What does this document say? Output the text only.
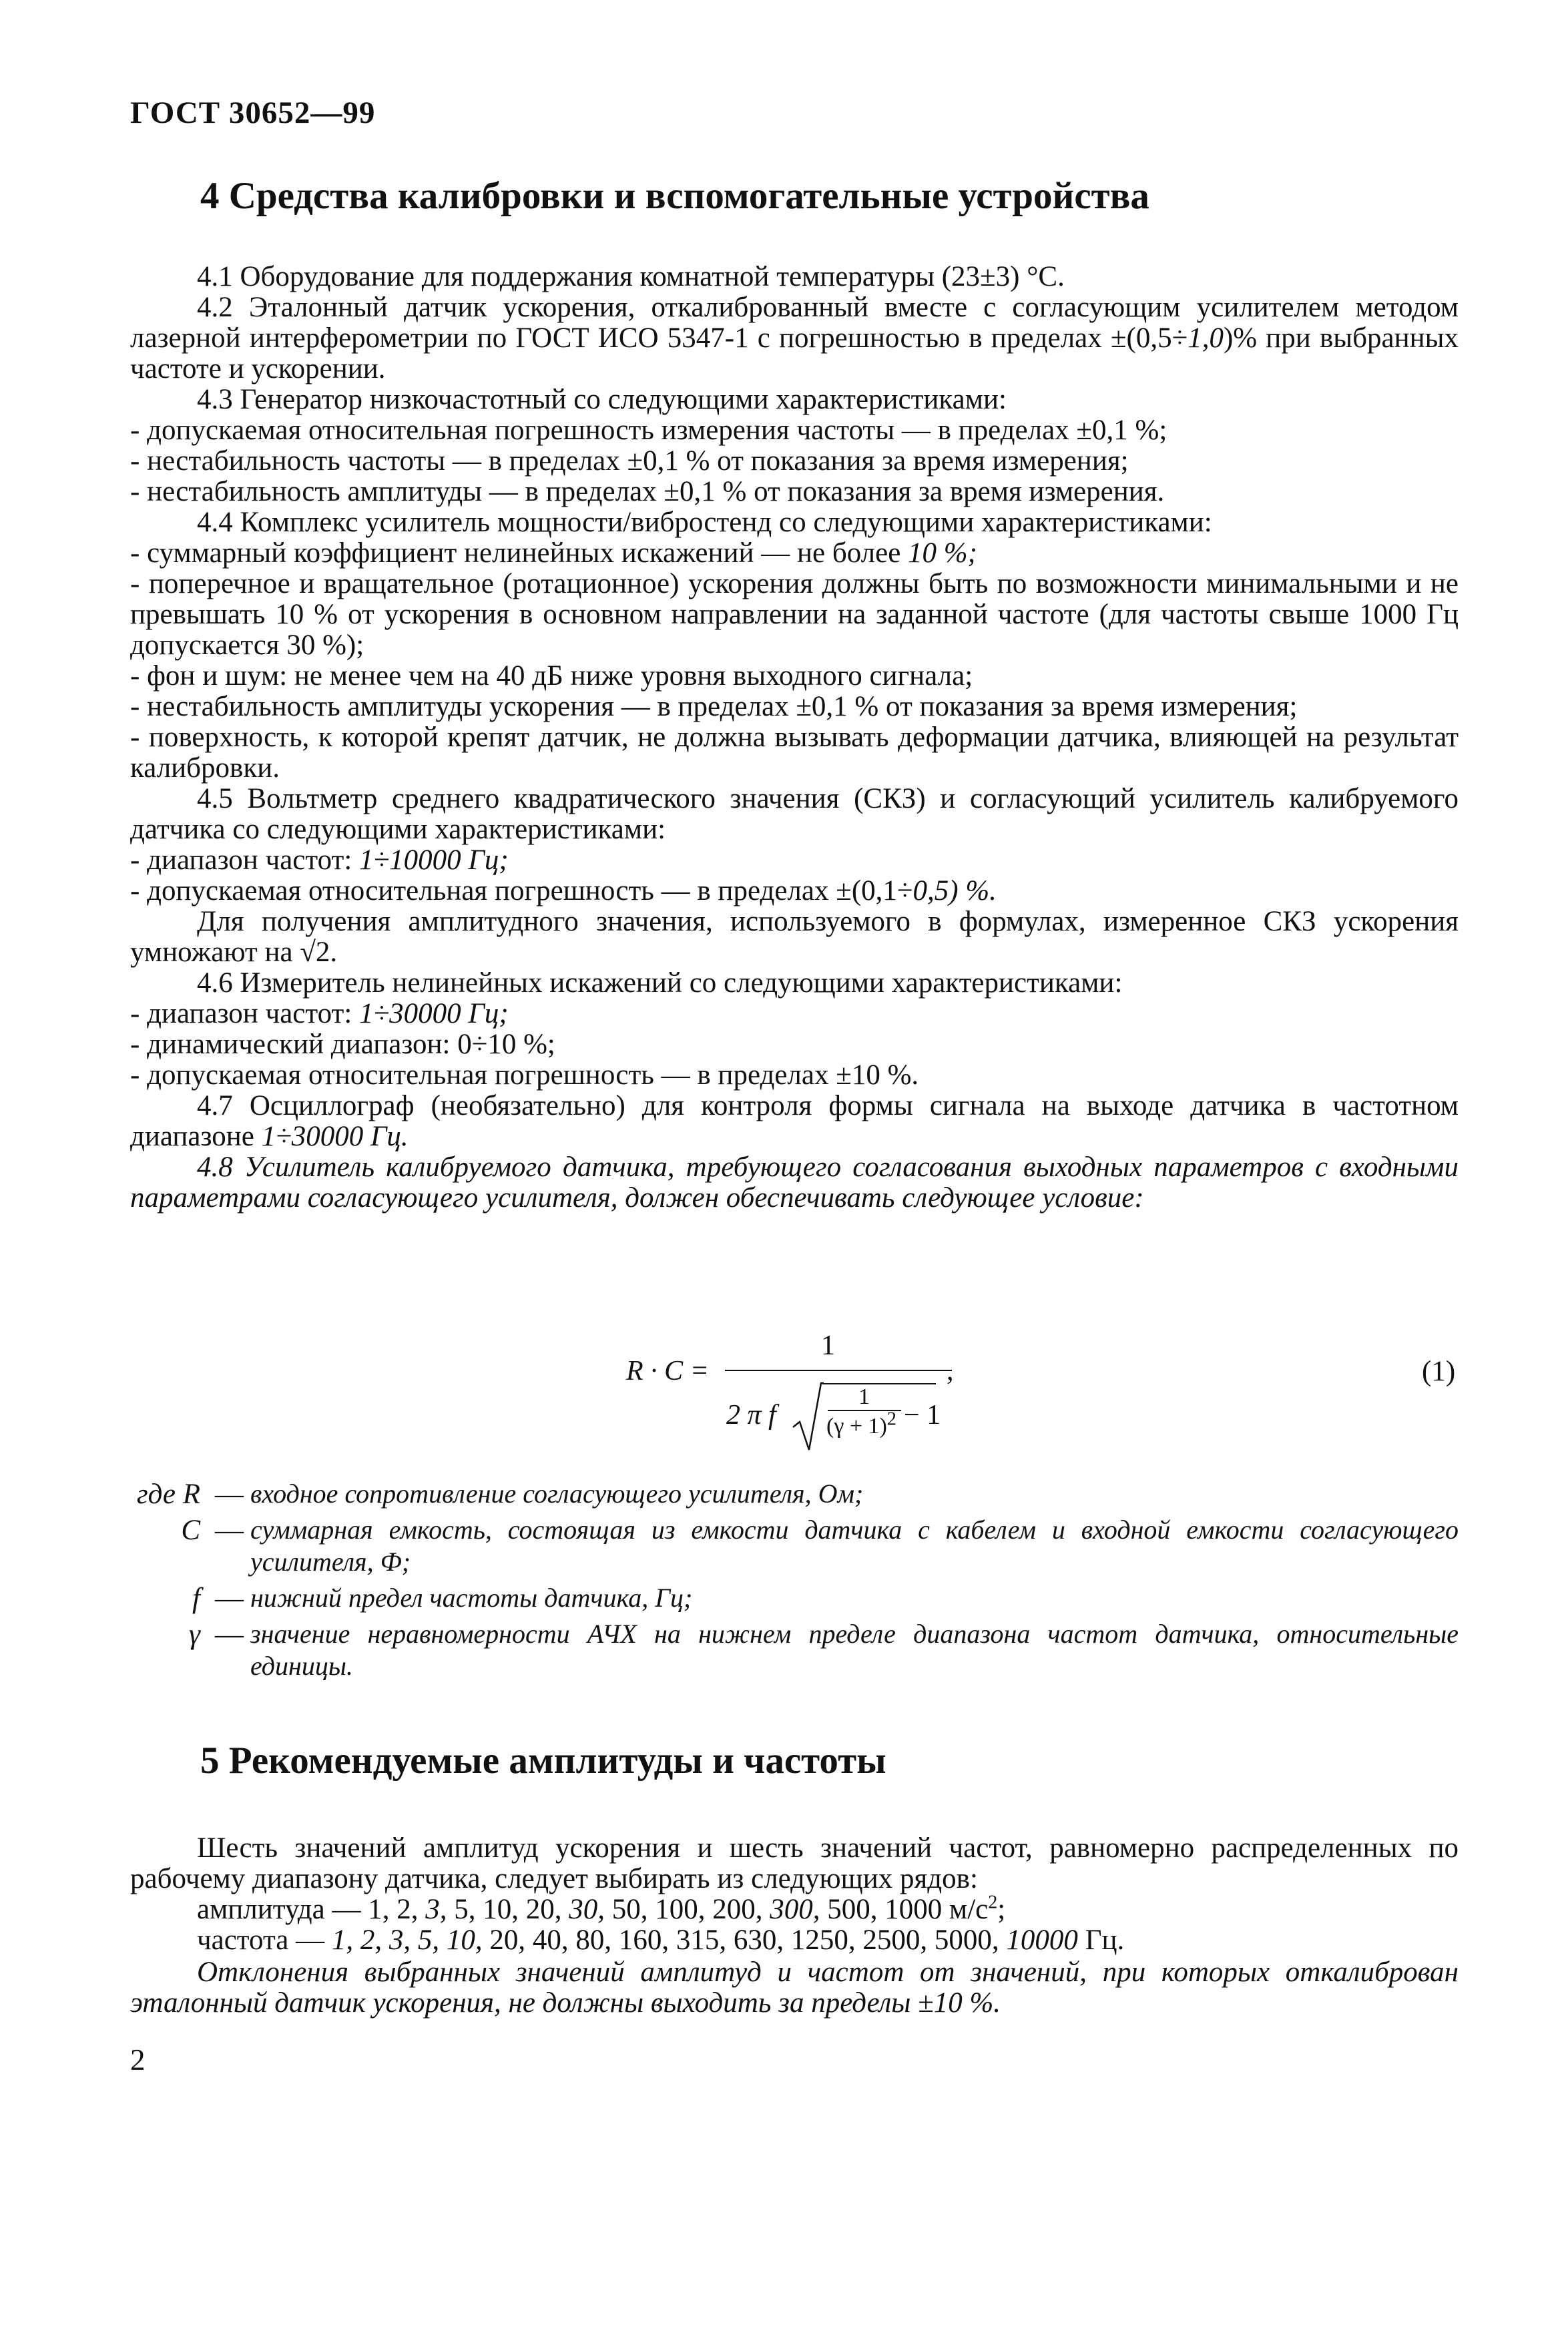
ГОСТ 30652—99
4 Средства калибровки и вспомогательные устройства
4.1 Оборудование для поддержания комнатной температуры (23±3) °С.
4.2 Эталонный датчик ускорения, откалиброванный вместе с согласующим усилителем методом лазерной интерферометрии по ГОСТ ИСО 5347-1 с погрешностью в пределах ±(0,5÷1,0)% при выбранных частоте и ускорении.
4.3 Генератор низкочастотный со следующими характеристиками:
- допускаемая относительная погрешность измерения частоты — в пределах ±0,1 %;
- нестабильность частоты — в пределах ±0,1 % от показания за время измерения;
- нестабильность амплитуды — в пределах ±0,1 % от показания за время измерения.
4.4 Комплекс усилитель мощности/вибростенд со следующими характеристиками:
- суммарный коэффициент нелинейных искажений — не более 10 %;
- поперечное и вращательное (ротационное) ускорения должны быть по возможности минимальными и не превышать 10 % от ускорения в основном направлении на заданной частоте (для частоты свыше 1000 Гц допускается 30 %);
- фон и шум: не менее чем на 40 дБ ниже уровня выходного сигнала;
- нестабильность амплитуды ускорения — в пределах ±0,1 % от показания за время измерения;
- поверхность, к которой крепят датчик, не должна вызывать деформации датчика, влияющей на результат калибровки.
4.5 Вольтметр среднего квадратического значения (СКЗ) и согласующий усилитель калибруемого датчика со следующими характеристиками:
- диапазон частот: 1÷10000 Гц;
- допускаемая относительная погрешность — в пределах ±(0,1÷0,5) %.
Для получения амплитудного значения, используемого в формулах, измеренное СКЗ ускорения умножают на √2.
4.6 Измеритель нелинейных искажений со следующими характеристиками:
- диапазон частот: 1÷30000 Гц;
- динамический диапазон: 0÷10 %;
- допускаемая относительная погрешность — в пределах ±10 %.
4.7 Осциллограф (необязательно) для контроля формы сигнала на выходе датчика в частотном диапазоне 1÷30000 Гц.
4.8 Усилитель калибруемого датчика, требующего согласования выходных параметров с входными параметрами согласующего усилителя, должен обеспечивать следующее условие:
R · C =
1
,
2 π f
1
$(\gamma + 1)^2 - 1$
(1)
где R — входное сопротивление согласующего усилителя, Ом;
C — суммарная емкость, состоящая из емкости датчика с кабелем и входной емкости согласующего усилителя, Ф;
f — нижний предел частоты датчика, Гц;
γ — значение неравномерности АЧХ на нижнем пределе диапазона частот датчика, относительные единицы.
5 Рекомендуемые амплитуды и частоты
Шесть значений амплитуд ускорения и шесть значений частот, равномерно распределенных по рабочему диапазону датчика, следует выбирать из следующих рядов:
амплитуда — 1, 2, 3, 5, 10, 20, 30, 50, 100, 200, 300, 500, 1000 $м/с^2$;
частота — 1, 2, 3, 5, 10, 20, 40, 80, 160, 315, 630, 1250, 2500, 5000, 10000 Гц.
Отклонения выбранных значений амплитуд и частот от значений, при которых откалиброван эталонный датчик ускорения, не должны выходить за пределы ±10 %.
2
